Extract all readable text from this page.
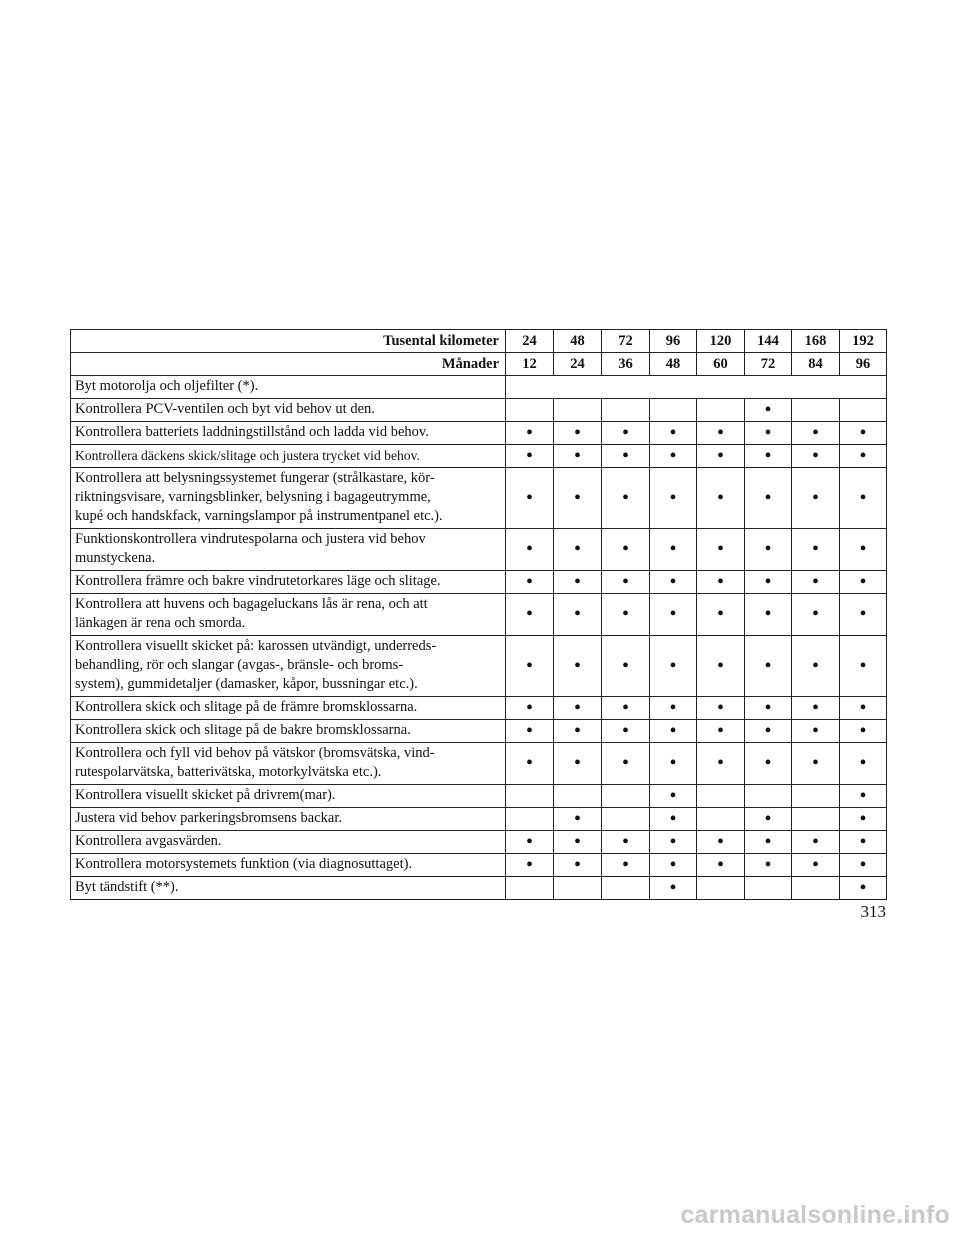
Tusental kilometer	24	48	72	96	120	144	168	192
Månader	12	24	36	48	60	72	84	96

Byt motorolja och oljefilter (*).								

Kontrollera PCV-ventilen och byt vid behov ut den.						•		

Kontrollera batteriets laddningstillstånd och ladda vid behov.	•	•	•	•	•	•	•	•

Kontrollera däckens skick/slitage och justera trycket vid behov.	•	•	•	•	•	•	•	•

Kontrollera att belysningssystemet fungerar (strålkastare, kör-
riktningsvisare, varningsblinker, belysning i bagageutrymme,
kupé och handskfack, varningslampor på instrumentpanel etc.).	•	•	•	•	•	•	•	•

Funktionskontrollera vindrutespolarna och justera vid behov
munstyckena.	•	•	•	•	•	•	•	•

Kontrollera främre och bakre vindrutetorkares läge och slitage.	•	•	•	•	•	•	•	•

Kontrollera att huvens och bagageluckans lås är rena, och att
länkagen är rena och smorda.	•	•	•	•	•	•	•	•

Kontrollera visuellt skicket på: karossen utvändigt, underreds-
behandling, rör och slangar (avgas-, bränsle- och broms-
system), gummidetaljer (damasker, kåpor, bussningar etc.).	•	•	•	•	•	•	•	•

Kontrollera skick och slitage på de främre bromsklossarna.	•	•	•	•	•	•	•	•

Kontrollera skick och slitage på de bakre bromsklossarna.	•	•	•	•	•	•	•	•

Kontrollera och fyll vid behov på vätskor (bromsvätska, vind-
rutespolarvätska, batterivätska, motorkylvätska etc.).	•	•	•	•	•	•	•	•

Kontrollera visuellt skicket på drivrem(mar).				•				•

Justera vid behov parkeringsbromsens backar.		•		•		•		•

Kontrollera avgasvärden.	•	•	•	•	•	•	•	•

Kontrollera motorsystemets funktion (via diagnosuttaget).	•	•	•	•	•	•	•	•

Byt tändstift (**).				•				•
313
carmanualsonline.info
